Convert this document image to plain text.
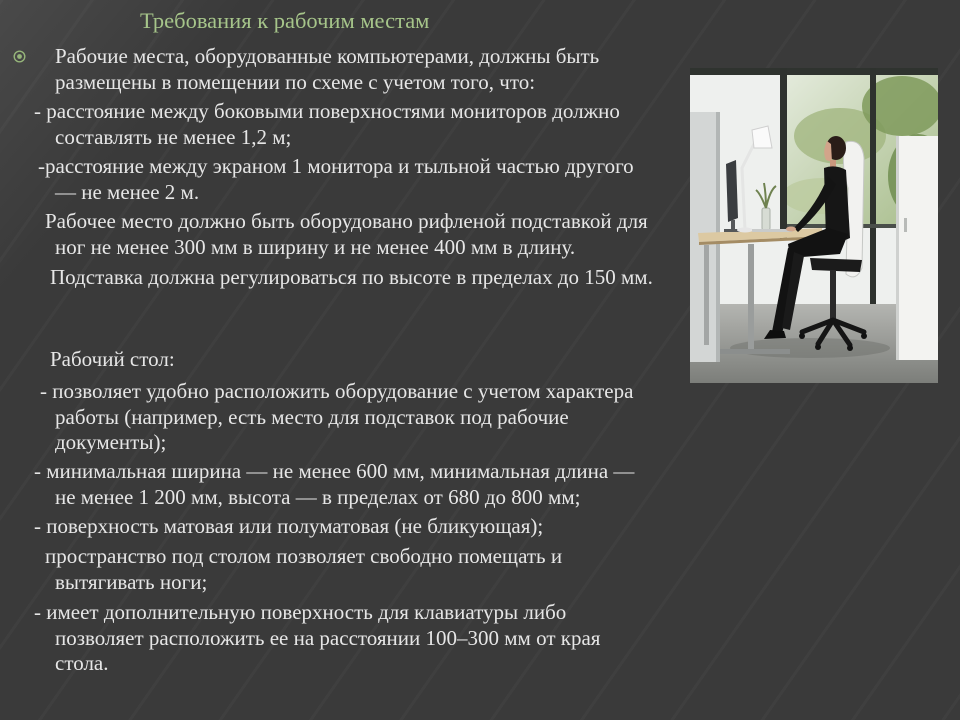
Требования к рабочим местам
Рабочие места, оборудованные компьютерами, должны быть
размещены в помещении по схеме с учетом того, что:
- расстояние между боковыми поверхностями мониторов должно
составлять не менее 1,2 м;
-расстояние между экраном 1 монитора и тыльной частью другого
— не менее 2 м.
Рабочее место должно быть оборудовано рифленой подставкой для
ног не менее 300 мм в ширину и не менее 400 мм в длину.
Подставка должна регулироваться по высоте в пределах до 150 мм.
Рабочий стол:
- позволяет удобно расположить оборудование с учетом характера
работы (например, есть место для подставок под рабочие
документы);
- минимальная ширина — не менее 600 мм, минимальная длина —
не менее 1 200 мм, высота — в пределах от 680 до 800 мм;
- поверхность матовая или полуматовая (не бликующая);
пространство под столом позволяет свободно помещать и
вытягивать ноги;
- имеет дополнительную поверхность для клавиатуры либо
позволяет расположить ее на расстоянии 100–300 мм от края
стола.
